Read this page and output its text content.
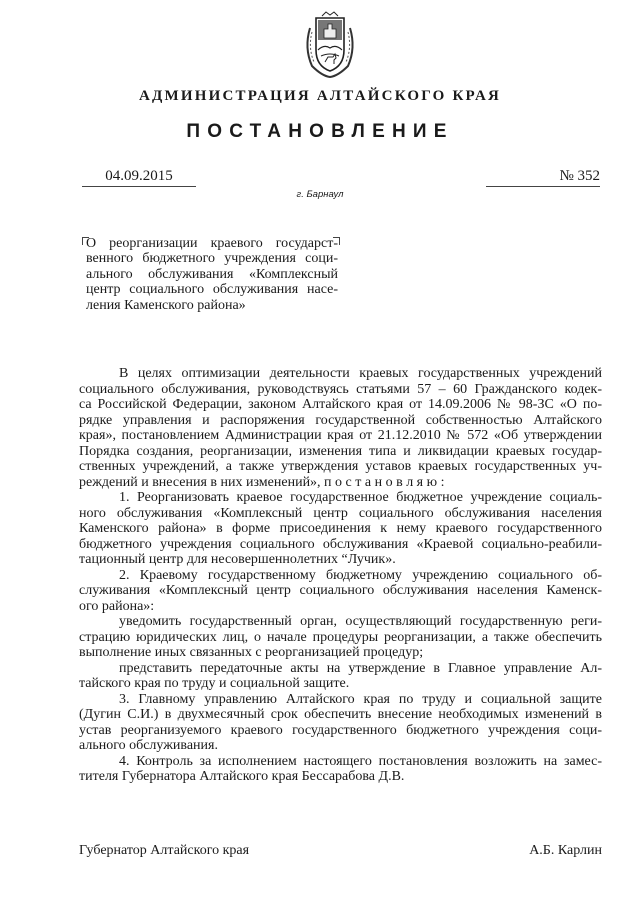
АДМИНИСТРАЦИЯ АЛТАЙСКОГО КРАЯ
ПОСТАНОВЛЕНИЕ
04.09.2015	№ 352
г. Барнаул
О реорганизации краевого государст-
венного бюджетного учреждения соци-
ального обслуживания «Комплексный
центр социального обслуживания насе-
ления Каменского района»

В целях оптимизации деятельности краевых государственных учреждений
социального обслуживания, руководствуясь статьями 57 – 60 Гражданского кодек-
са Российской Федерации, законом Алтайского края от 14.09.2006 № 98-ЗС «О по-
рядке управления и распоряжения государственной собственностью Алтайского
края», постановлением Администрации края от 21.12.2010 № 572 «Об утверждении
Порядка создания, реорганизации, изменения типа и ликвидации краевых государ-
ственных учреждений, а также утверждения уставов краевых государственных уч-
реждений и внесения в них изменений», п о с т а н о в л я ю :

1. Реорганизовать краевое государственное бюджетное учреждение социаль-
ного обслуживания «Комплексный центр социального обслуживания населения
Каменского района» в форме присоединения к нему краевого государственного
бюджетного учреждения социального обслуживания «Краевой социально-реабили-
тационный центр для несовершеннолетних “Лучик».

2. Краевому государственному бюджетному учреждению социального об-
служивания «Комплексный центр социального обслуживания населения Каменск-
ого района»:

уведомить государственный орган, осуществляющий государственную реги-
страцию юридических лиц, о начале процедуры реорганизации, а также обеспечить
выполнение иных связанных с реорганизацией процедур;

представить передаточные акты на утверждение в Главное управление Ал-
тайского края по труду и социальной защите.

3. Главному управлению Алтайского края по труду и социальной защите
(Дугин С.И.) в двухмесячный срок обеспечить внесение необходимых изменений в
устав реорганизуемого краевого государственного бюджетного учреждения соци-
ального обслуживания.

4. Контроль за исполнением настоящего постановления возложить на замес-
тителя Губернатора Алтайского края Бессарабова Д.В.

Губернатор Алтайского края	А.Б. Карлин
